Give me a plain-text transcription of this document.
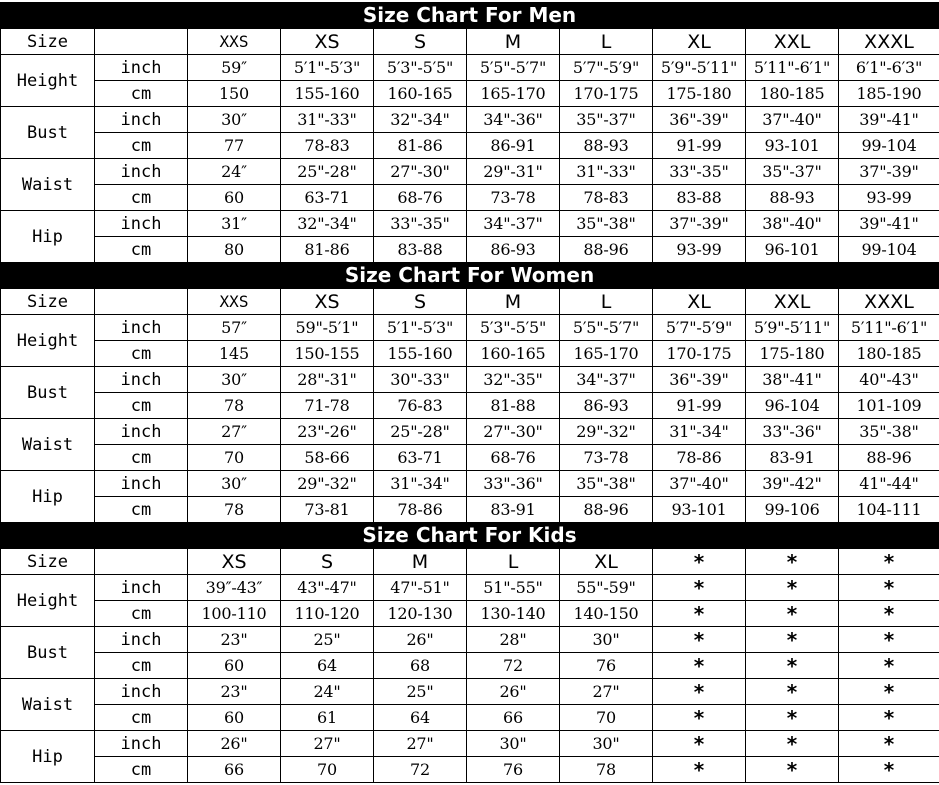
Size Chart For Men
Size		XXS	XS	S	M	L	XL	XXL	XXXL
Height	inch	59″	5′1"-5′3"	5′3"-5′5"	5′5"-5′7"	5′7"-5′9"	5′9"-5′11"	5′11"-6′1"	6′1"-6′3"
	cm	150	155-160	160-165	165-170	170-175	175-180	180-185	185-190
Bust	inch	30″	31"-33"	32"-34"	34"-36"	35"-37"	36"-39"	37"-40"	39"-41"
	cm	77	78-83	81-86	86-91	88-93	91-99	93-101	99-104
Waist	inch	24″	25"-28"	27"-30"	29"-31"	31"-33"	33"-35"	35"-37"	37"-39"
	cm	60	63-71	68-76	73-78	78-83	83-88	88-93	93-99
Hip	inch	31″	32"-34"	33"-35"	34"-37"	35"-38"	37"-39"	38"-40"	39"-41"
	cm	80	81-86	83-88	86-93	88-96	93-99	96-101	99-104
Size Chart For Women
Size		XXS	XS	S	M	L	XL	XXL	XXXL
Height	inch	57″	59"-5′1"	5′1"-5′3"	5′3"-5′5"	5′5"-5′7"	5′7"-5′9"	5′9"-5′11"	5′11"-6′1"
	cm	145	150-155	155-160	160-165	165-170	170-175	175-180	180-185
Bust	inch	30″	28"-31"	30"-33"	32"-35"	34"-37"	36"-39"	38"-41"	40"-43"
	cm	78	71-78	76-83	81-88	86-93	91-99	96-104	101-109
Waist	inch	27″	23"-26"	25"-28"	27"-30"	29"-32"	31"-34"	33"-36"	35"-38"
	cm	70	58-66	63-71	68-76	73-78	78-86	83-91	88-96
Hip	inch	30″	29"-32"	31"-34"	33"-36"	35"-38"	37"-40"	39"-42"	41"-44"
	cm	78	73-81	78-86	83-91	88-96	93-101	99-106	104-111
Size Chart For Kids
Size		XS	S	M	L	XL	*	*	*
Height	inch	39″-43″	43"-47"	47"-51"	51"-55"	55"-59"	*	*	*
	cm	100-110	110-120	120-130	130-140	140-150	*	*	*
Bust	inch	23"	25"	26"	28"	30"	*	*	*
	cm	60	64	68	72	76	*	*	*
Waist	inch	23"	24"	25"	26"	27"	*	*	*
	cm	60	61	64	66	70	*	*	*
Hip	inch	26"	27"	27"	30"	30"	*	*	*
	cm	66	70	72	76	78	*	*	*
